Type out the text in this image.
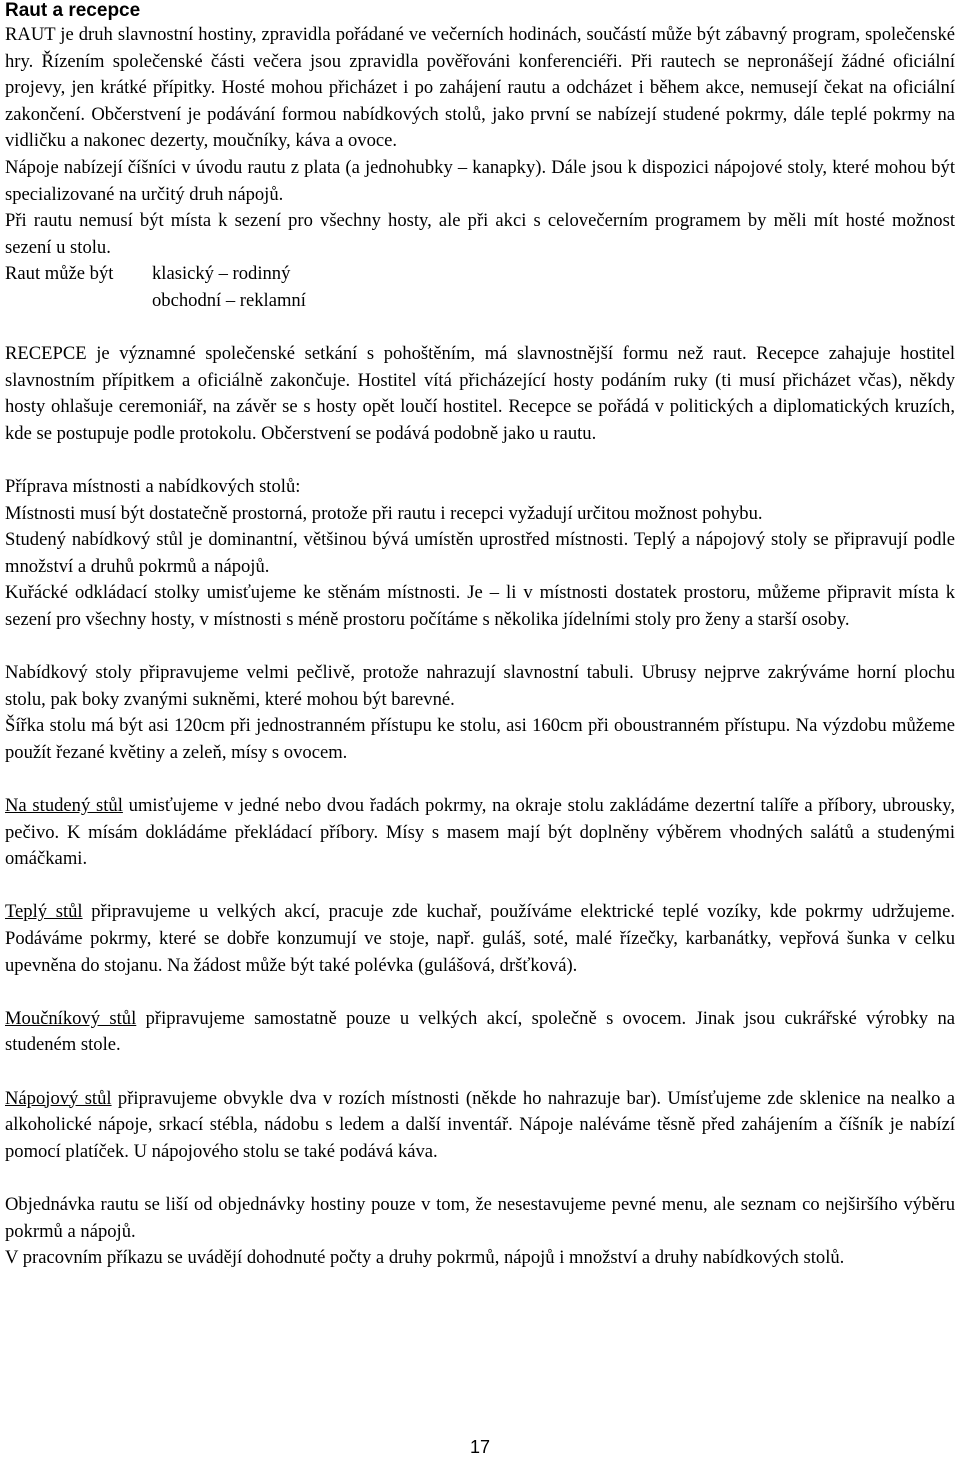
Raut a recepce

RAUT je druh slavnostní hostiny, zpravidla pořádané ve večerních hodinách, součástí může být zábavný program, společenské hry. Řízením společenské části večera jsou zpravidla pověřováni konferenciéři. Při rautech se nepronášejí žádné oficiální projevy, jen krátké přípitky. Hosté mohou přicházet i po zahájení rautu a odcházet i během akce, nemusejí čekat na oficiální zakončení. Občerstvení je podávání formou nabídkových stolů, jako první se nabízejí studené pokrmy, dále teplé pokrmy na vidličku a nakonec dezerty, moučníky, káva a ovoce.

Nápoje nabízejí číšníci v úvodu rautu z plata (a jednohubky – kanapky). Dále jsou k dispozici nápojové stoly, které mohou být specializované na určitý druh nápojů.

Při rautu nemusí být místa k sezení pro všechny hosty, ale při akci s celovečerním programem by měli mít hosté možnost sezení u stolu.

Raut může být klasický – rodinný
obchodní – reklamní

RECEPCE je významné společenské setkání s pohoštěním, má slavnostnější formu než raut. Recepce zahajuje hostitel slavnostním přípitkem a oficiálně zakončuje. Hostitel vítá přicházející hosty podáním ruky (ti musí přicházet včas), někdy hosty ohlašuje ceremoniář, na závěr se s hosty opět loučí hostitel. Recepce se pořádá v politických a diplomatických kruzích, kde se postupuje podle protokolu. Občerstvení se podává podobně jako u rautu.

Příprava místnosti a nabídkových stolů:

Místnosti musí být dostatečně prostorná, protože při rautu i recepci vyžadují určitou možnost pohybu.

Studený nabídkový stůl je dominantní, většinou bývá umístěn uprostřed místnosti. Teplý a nápojový stoly se připravují podle množství a druhů pokrmů a nápojů.

Kuřácké odkládací stolky umisťujeme ke stěnám místnosti. Je – li v místnosti dostatek prostoru, můžeme připravit místa k sezení pro všechny hosty, v místnosti s méně prostoru počítáme s několika jídelními stoly pro ženy a starší osoby.

Nabídkový stoly připravujeme velmi pečlivě, protože nahrazují slavnostní tabuli. Ubrusy nejprve zakrýváme horní plochu stolu, pak boky zvanými sukněmi, které mohou být barevné.

Šířka stolu má být asi 120cm při jednostranném přístupu ke stolu, asi 160cm při oboustranném přístupu. Na výzdobu můžeme použít řezané květiny a zeleň, mísy s ovocem.

Na studený stůl umisťujeme v jedné nebo dvou řadách pokrmy, na okraje stolu zakládáme dezertní talíře a příbory, ubrousky, pečivo. K mísám dokládáme překládací příbory. Mísy s masem mají být doplněny výběrem vhodných salátů a studenými omáčkami.

Teplý stůl připravujeme u velkých akcí, pracuje zde kuchař, používáme elektrické teplé vozíky, kde pokrmy udržujeme. Podáváme pokrmy, které se dobře konzumují ve stoje, např. guláš, soté, malé řízečky, karbanátky, vepřová šunka v celku upevněna do stojanu. Na žádost může být také polévka (gulášová, dršťková).

Moučníkový stůl připravujeme samostatně pouze u velkých akcí, společně s ovocem. Jinak jsou cukrářské výrobky na studeném stole.

Nápojový stůl připravujeme obvykle dva v rozích místnosti (někde ho nahrazuje bar). Umísťujeme zde sklenice na nealko a alkoholické nápoje, srkací stébla, nádobu s ledem a další inventář. Nápoje naléváme těsně před zahájením a číšník je nabízí pomocí platíček. U nápojového stolu se také podává káva.

Objednávka rautu se liší od objednávky hostiny pouze v tom, že nesestavujeme pevné menu, ale seznam co nejširšího výběru pokrmů a nápojů.

V pracovním příkazu se uvádějí dohodnuté počty a druhy pokrmů, nápojů i množství a druhy nabídkových stolů.

17
